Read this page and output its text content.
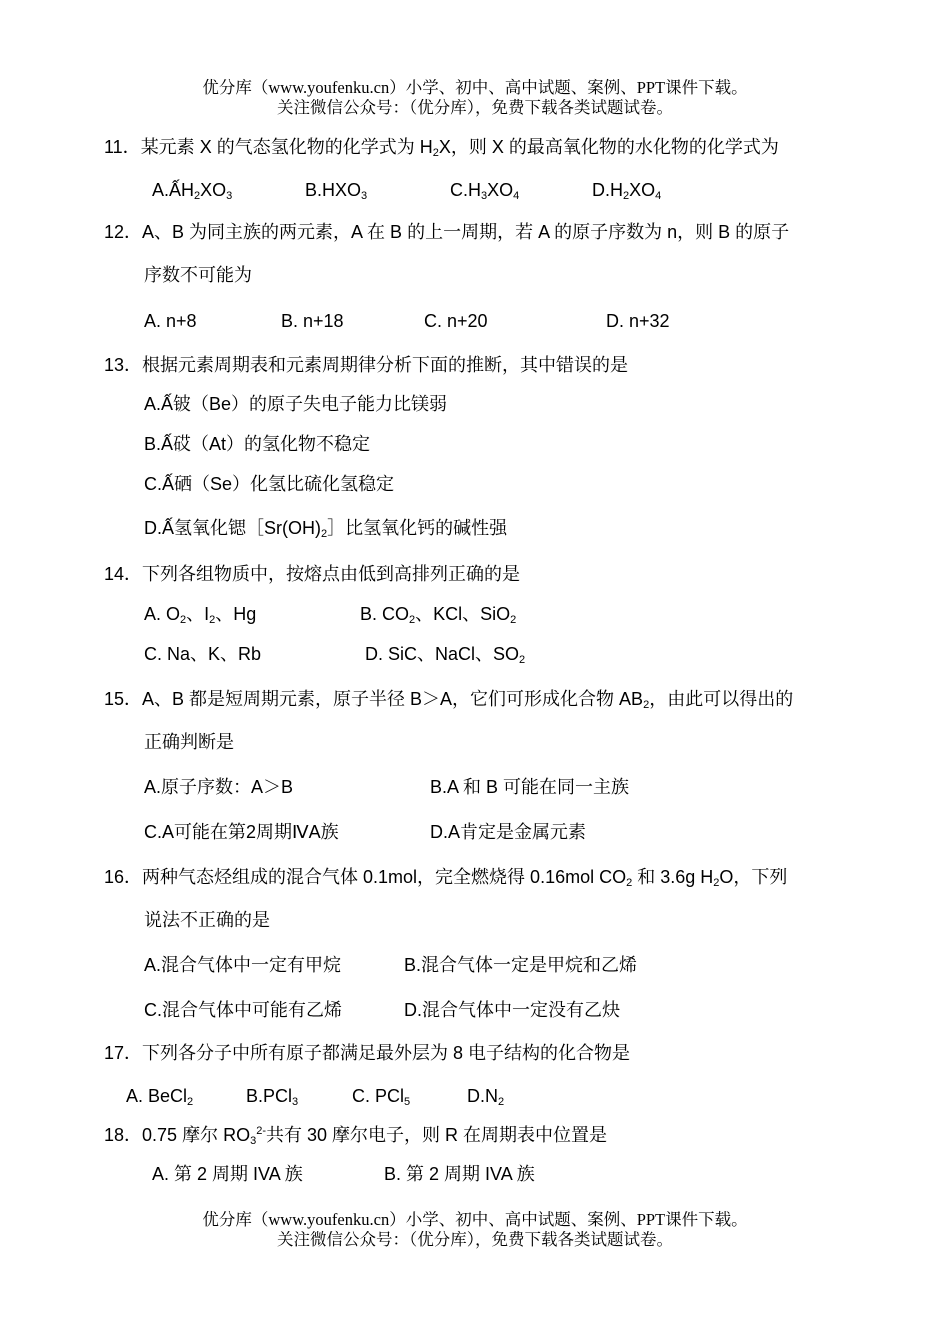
优分库（www.youfenku.cn）小学、初中、高中试题、案例、PPT课件下载。
关注微信公众号：（优分库），免费下载各类试题试卷。
11．某元素 X 的气态氢化物的化学式为 $H_2X$，则 X 的最高氧化物的水化物的化学式为
$A.ẤH_2XO_3$	$B.HXO_3$	$C.H_3XO_4$	$D.H_2XO_4$
12．A、B 为同主族的两元素，A 在 B 的上一周期，若 A 的原子序数为 n，则 B 的原子
序数不可能为
A. n+8	B. n+18	C. n+20	D. n+32
13．根据元素周期表和元素周期律分析下面的推断，其中错误的是
A.Ấ铍（Be）的原子失电子能力比镁弱
B.Ấ砹（At）的氢化物不稳定
C.Ấ硒（Se）化氢比硫化氢稳定
D.Ấ氢氧化锶$[Sr(OH)_2]$比氢氧化钙的碱性强
14．下列各组物质中，按熔点由低到高排列正确的是
A. $O_2$、$I_2$、Hg	B. $CO_2$、KCl、SiO$_2$
C. Na、K、Rb	D. SiC、NaCl、$SO_2$
15．A、B 都是短周期元素，原子半径 B＞A，它们可形成化合物 $AB_2$，由此可以得出的
正确判断是
A.原子序数：A＞B	B.A 和 B 可能在同一主族
C.A可能在第2周期ⅣA族	D.A肯定是金属元素
16．两种气态烃组成的混合气体 0.1mol，完全燃烧得 0.16mol $CO_2$ 和 3.6g $H_2O$，下列
说法不正确的是
A.混合气体中一定有甲烷	B.混合气体一定是甲烷和乙烯
C.混合气体中可能有乙烯	D.混合气体中一定没有乙炔
17．下列各分子中所有原子都满足最外层为 8 电子结构的化合物是
A. BeCl$_2$	B.PCl$_3$	C. PCl$_5$	$D.N_2$
18．0.75 摩尔 $RO_3^{2-}$共有 30 摩尔电子，则 R 在周期表中位置是
A. 第 2 周期 IVA 族	B. 第 2 周期 IVA 族
优分库（www.youfenku.cn）小学、初中、高中试题、案例、PPT课件下载。
关注微信公众号：（优分库），免费下载各类试题试卷。
